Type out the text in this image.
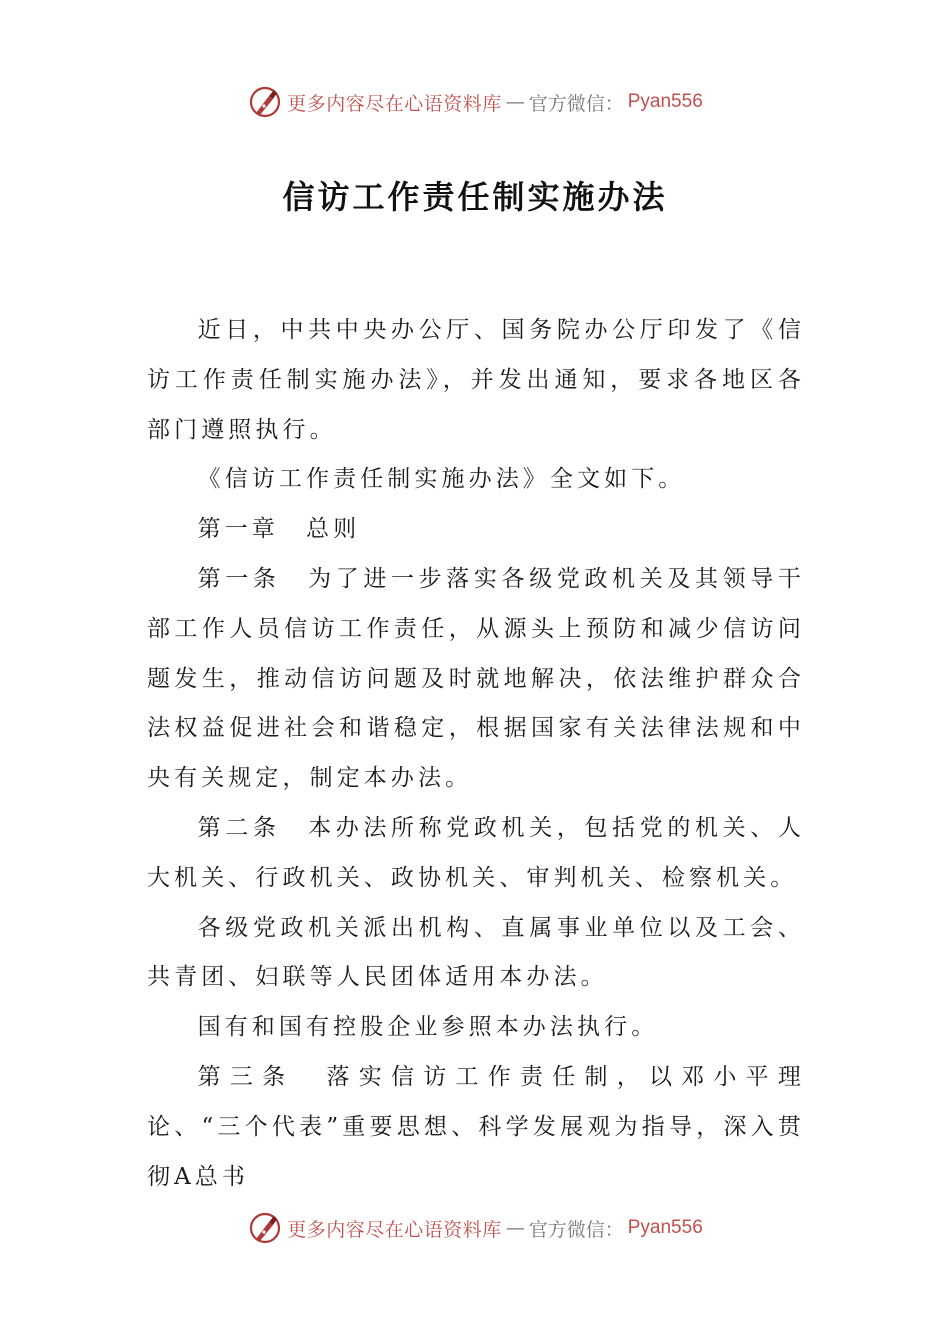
更多内容尽在心语资料库 — 官方微信： Pyan556
信访工作责任制实施办法

近日，中共中央办公厅、国务院办公厅印发了《信访工作责任制实施办法》，并发出通知，要求各地区各部门遵照执行。

《信访工作责任制实施办法》全文如下。

第一章　总则

第一条　为了进一步落实各级党政机关及其领导干部工作人员信访工作责任，从源头上预防和减少信访问题发生，推动信访问题及时就地解决，依法维护群众合法权益促进社会和谐稳定，根据国家有关法律法规和中央有关规定，制定本办法。

第二条　本办法所称党政机关，包括党的机关、人大机关、行政机关、政协机关、审判机关、检察机关。

各级党政机关派出机构、直属事业单位以及工会、共青团、妇联等人民团体适用本办法。

国有和国有控股企业参照本办法执行。

第三条　落实信访工作责任制，以邓小平理论、“三个代表”重要思想、科学发展观为指导，深入贯彻A总书

更多内容尽在心语资料库 — 官方微信： Pyan556
